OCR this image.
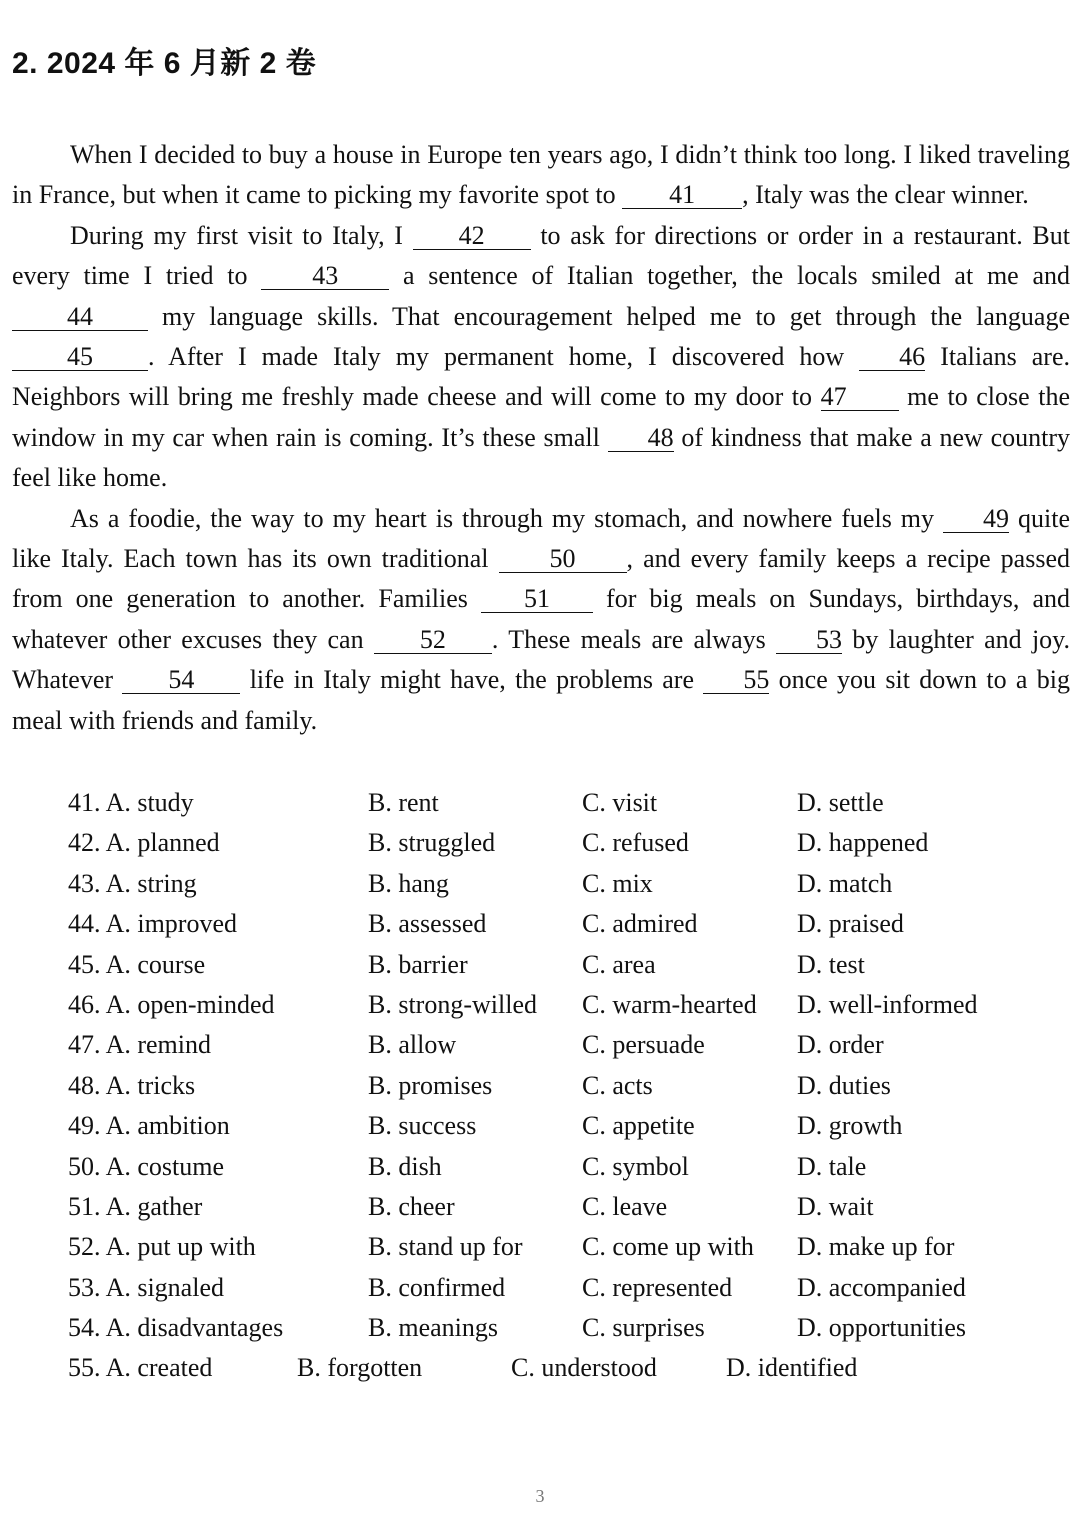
2. 2024 年 6 月新 2 卷

When I decided to buy a house in Europe ten years ago, I didn’t think too long. I liked traveling in France, but when it came to picking my favorite spot to 41 , Italy was the clear winner.

During my first visit to Italy, I 42 to ask for directions or order in a restaurant. But every time I tried to 43 a sentence of Italian together, the locals smiled at me and 44 my language skills. That encouragement helped me to get through the language 45 . After I made Italy my permanent home, I discovered how 46 Italians are. Neighbors will bring me freshly made cheese and will come to my door to 47 me to close the window in my car when rain is coming. It’s these small 48 of kindness that make a new country feel like home.

As a foodie, the way to my heart is through my stomach, and nowhere fuels my 49 quite like Italy. Each town has its own traditional 50 , and every family keeps a recipe passed from one generation to another. Families 51 for big meals on Sundays, birthdays, and whatever other excuses they can 52 . These meals are always 53 by laughter and joy. Whatever 54 life in Italy might have, the problems are 55 once you sit down to a big meal with friends and family.

41. A. study	B. rent	C. visit	D. settle
42. A. planned	B. struggled	C. refused	D. happened
43. A. string	B. hang	C. mix	D. match
44. A. improved	B. assessed	C. admired	D. praised
45. A. course	B. barrier	C. area	D. test
46. A. open-minded	B. strong-willed C. warm-hearted D. well-informed
47. A. remind	B. allow	C. persuade	D. order
48. A. tricks	B. promises	C. acts	D. duties
49. A. ambition	B. success	C. appetite	D. growth
50. A. costume	B. dish	C. symbol	D. tale
51. A. gather	B. cheer	C. leave	D. wait
52. A. put up with	B. stand up for C. come up with D. make up for
53. A. signaled	B. confirmed	C. represented D. accompanied
54. A. disadvantages	B. meanings	C. surprises	D. opportunities
55. A. created	B. forgotten	C. understood	D. identified
3
